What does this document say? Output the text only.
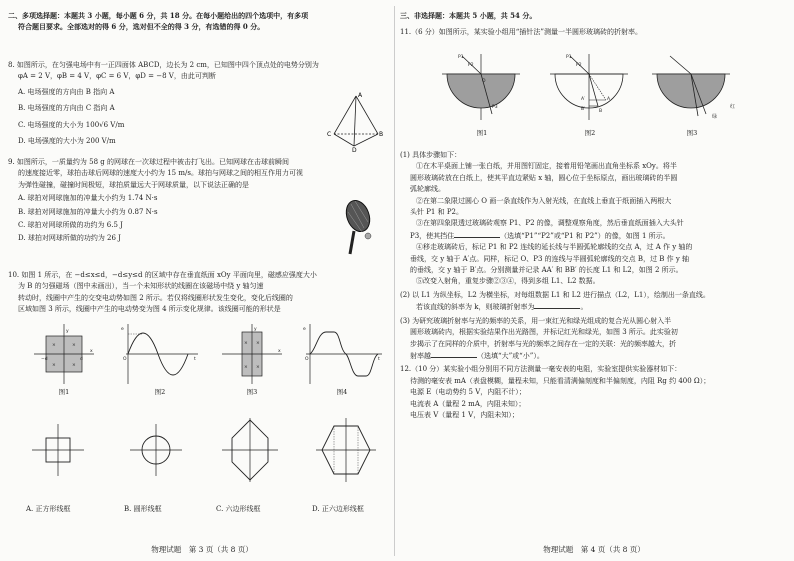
二、多项选择题：本题共 3 小题，每小题 6 分，共 18 分。在每小题给出的四个选项中，有多项

符合题目要求。全部选对的得 6 分，选对但不全的得 3 分，有选错的得 0 分。

8. 如图所示，在匀强电场中有一正四面体 ABCD，边长为 2 cm，已知图中四个顶点处的电势分别为

φA = 2 V，φB = 4 V，φC = 6 V，φD = −8 V，由此可判断

A. 电场强度的方向由 B 指向 A

B. 电场强度的方向由 C 指向 A

C. 电场强度的大小为 100√6 V/m

D. 电场强度的大小为 200 V/m

A
C	B
D

9. 如图所示，一质量约为 58 g 的网球在一次球过程中被击打飞出。已知网球在击球前瞬间

的速度接近零，球拍击球后网球的速度大小约为 15 m/s。球拍与网球之间的相互作用力可视

为弹性碰撞，碰撞时间极短，球拍质量远大于网球质量，以下说法正确的是

A. 球拍对网球施加的冲量大小约为 1.74 N·s

B. 球拍对网球施加的冲量大小约为 0.87 N·s

C. 球拍对网球所做的功约为 6.5 J

D. 球拍对网球所做的功约为 26 J

10. 如图 1 所示，在 −d≤x≤d，−d≤y≤d 的区域中存在垂直纸面 xOy 平面向里，磁感应强度大小

为 B 的匀强磁场（图中未画出），当一个未知形状的线圈在该磁场中绕 y 轴匀速

转动时，线圈中产生的交变电动势如图 2 所示。若仅将线圈形状发生变化，变化后线圈的

区域如图 3 所示，线圈中产生的电动势变为图 4 所示变化规律。该线圈可能的形状是

×	×
×	×
y
x
−d	d

图1

e
t
O

图2

× ×
× ×
y
x

图3

e
t
O

图4

A. 正方形线框	B. 圆形线框	C. 六边形线框	D. 正六边形线框

物理试题　第 3 页（共 8 页）

三、非选择题：本题共 5 小题，共 54 分。

11.（6 分）如图所示，某实验小组用“插针法”测量一半圆形玻璃砖的折射率。

P1
P2
P3
O

图1

P1
P2
A
B
A′
B′

图2

绿
红

图3

(1) 具体步骤如下：

①在木平桌面上铺一张白纸，并用图钉固定，接着用铅笔画出直角坐标系 xOy。将半

圆形玻璃砖放在白纸上，使其平直边紧贴 x 轴，圆心位于坐标原点，画出玻璃砖的半圆

弧轮廓线。

②在第二象限过圆心 O 画一条直线作为入射光线，在直线上垂直于纸面插入两根大

头针 P1 和 P2。

③在第四象限透过玻璃砖观察 P1、P2 的像，调整观察角度，然后垂直纸面插入大头针

P3，使其挡住	（选填“P1”“P2”或“P1 和 P2”）的像，如图 1 所示。

④移走玻璃砖后，标记 P1 和 P2 连线的延长线与半圆弧轮廓线的交点 A，过 A 作 y 轴的

垂线，交 y 轴于 A′点。同样，标记 O、P3 的连线与半圆弧轮廓线的交点 B，过 B 作 y 轴

的垂线，交 y 轴于 B′点。分别测量并记录 AA′ 和 BB′ 的长度 L1 和 L2，如图 2 所示。

⑤改变入射角，重复步骤②③④，得到多组 L1、L2 数据。

(2) 以 L1 为纵坐标，L2 为横坐标，对每组数据 L1 和 L2 进行描点（L2，L1），绘制出一条直线。

若该直线的斜率为 k，则玻璃折射率为	。

(3) 为研究玻璃折射率与光的频率的关系，用一束红光和绿光组成的复合光从圆心射入半

圆形玻璃砖内，根据实验结果作出光路图，并标记红光和绿光，如图 3 所示。此实验初

步揭示了在同样的介质中，折射率与光的频率之间存在一定的关联：光的频率越大，折

射率越	（选填“大”或“小”）。

12.（10 分）某实验小组分别用不同方法测量一毫安表的电阻，实验室提供实验器材如下：

待测的毫安表 mA（表盘模糊，量程未知，只能看清满偏刻度和半偏刻度，内阻 Rg 约 400 Ω）；

电源 E（电动势约 5 V，内阻不计）；

电流表 A（量程 2 mA，内阻未知）；

电压表 V（量程 1 V，内阻未知）；

物理试题　第 4 页（共 8 页）
